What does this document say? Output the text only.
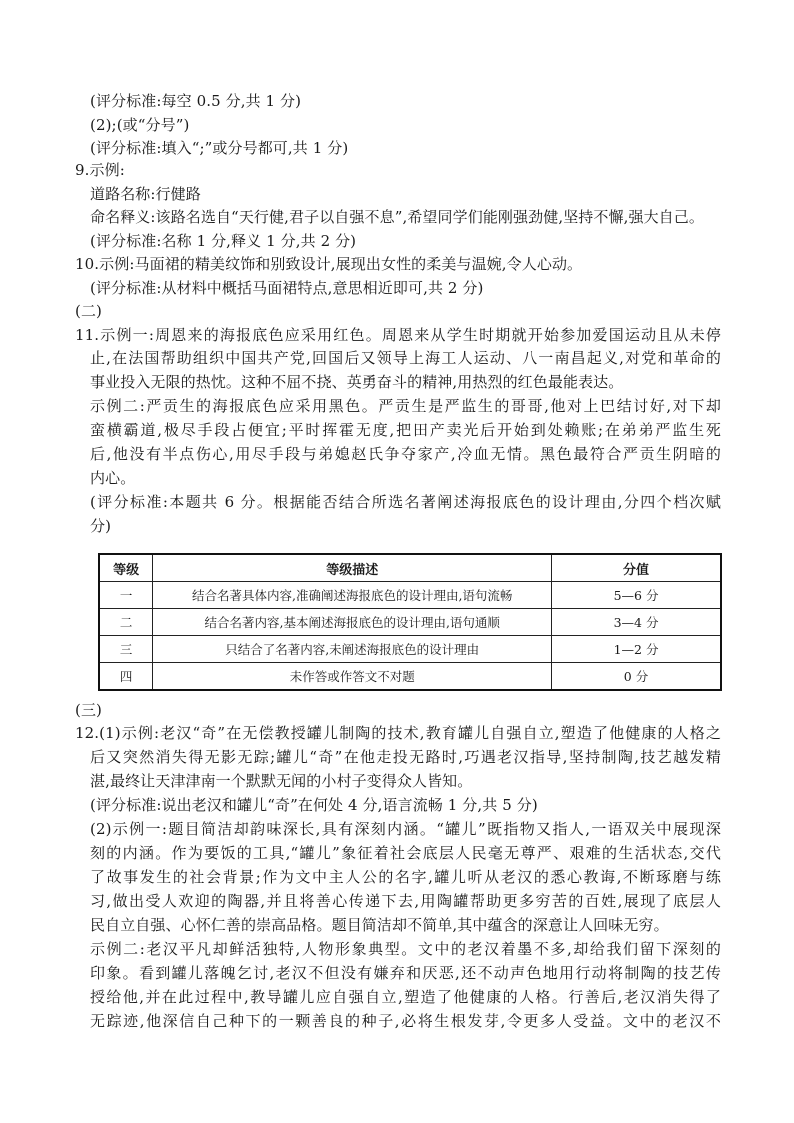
(评分标准:每空 0.5 分,共 1 分)
(2);(或“分号”)
(评分标准:填入“;”或分号都可,共 1 分)
9.示例:
道路名称:行健路
命名释义:该路名选自“天行健,君子以自强不息”,希望同学们能刚强劲健,坚持不懈,强大自己。
(评分标准:名称 1 分,释义 1 分,共 2 分)
10.示例:马面裙的精美纹饰和别致设计,展现出女性的柔美与温婉,令人心动。
(评分标准:从材料中概括马面裙特点,意思相近即可,共 2 分)
(二)
11.示例一:周恩来的海报底色应采用红色。周恩来从学生时期就开始参加爱国运动且从未停
止,在法国帮助组织中国共产党,回国后又领导上海工人运动、八一南昌起义,对党和革命的
事业投入无限的热忱。这种不屈不挠、英勇奋斗的精神,用热烈的红色最能表达。
示例二:严贡生的海报底色应采用黑色。严贡生是严监生的哥哥,他对上巴结讨好,对下却
蛮横霸道,极尽手段占便宜;平时挥霍无度,把田产卖光后开始到处赖账;在弟弟严监生死
后,他没有半点伤心,用尽手段与弟媳赵氏争夺家产,冷血无情。黑色最符合严贡生阴暗的
内心。
(评分标准:本题共 6 分。根据能否结合所选名著阐述海报底色的设计理由,分四个档次赋
分)
等级	等级描述	分值
一	结合名著具体内容,准确阐述海报底色的设计理由,语句流畅	5—6 分
二	结合名著内容,基本阐述海报底色的设计理由,语句通顺	3—4 分
三	只结合了名著内容,未阐述海报底色的设计理由	1—2 分
四	未作答或作答文不对题	0 分
(三)
12.(1)示例:老汉“奇”在无偿教授罐儿制陶的技术,教育罐儿自强自立,塑造了他健康的人格之
后又突然消失得无影无踪;罐儿“奇”在他走投无路时,巧遇老汉指导,坚持制陶,技艺越发精
湛,最终让天津津南一个默默无闻的小村子变得众人皆知。
(评分标准:说出老汉和罐儿“奇”在何处 4 分,语言流畅 1 分,共 5 分)
(2)示例一:题目简洁却韵味深长,具有深刻内涵。“罐儿”既指物又指人,一语双关中展现深
刻的内涵。作为要饭的工具,“罐儿”象征着社会底层人民毫无尊严、艰难的生活状态,交代
了故事发生的社会背景;作为文中主人公的名字,罐儿听从老汉的悉心教诲,不断琢磨与练
习,做出受人欢迎的陶器,并且将善心传递下去,用陶罐帮助更多穷苦的百姓,展现了底层人
民自立自强、心怀仁善的崇高品格。题目简洁却不简单,其中蕴含的深意让人回味无穷。
示例二:老汉平凡却鲜活独特,人物形象典型。文中的老汉着墨不多,却给我们留下深刻的
印象。看到罐儿落魄乞讨,老汉不但没有嫌弃和厌恶,还不动声色地用行动将制陶的技艺传
授给他,并在此过程中,教导罐儿应自强自立,塑造了他健康的人格。行善后,老汉消失得了
无踪迹,他深信自己种下的一颗善良的种子,必将生根发芽,令更多人受益。文中的老汉不
